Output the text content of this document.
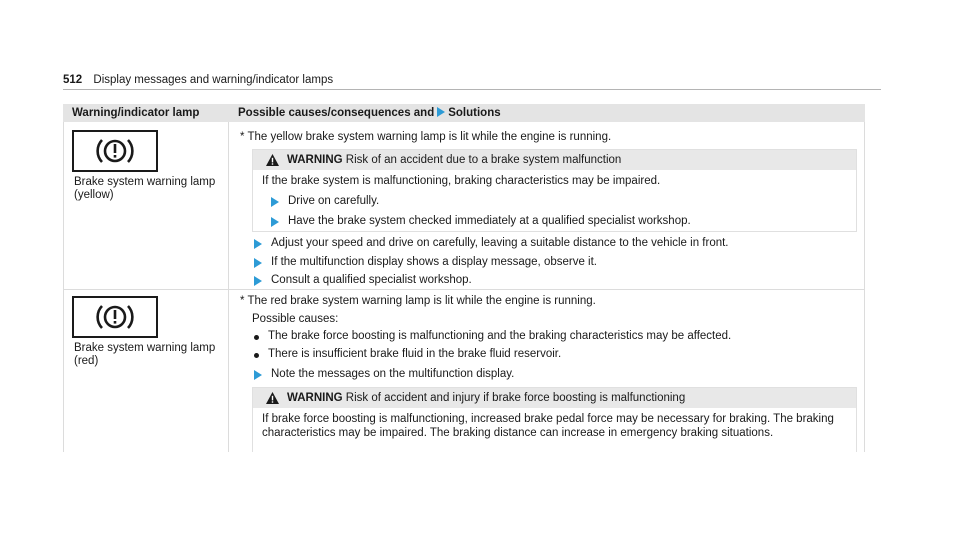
512 Display messages and warning/indicator lamps
Warning/indicator lamp	Possible causes/consequences and Solutions
Brake system warning lamp
(yellow)
* The yellow brake system warning lamp is lit while the engine is running.
WARNING Risk of an accident due to a brake system malfunction
If the brake system is malfunctioning, braking characteristics may be impaired.
Drive on carefully.
Have the brake system checked immediately at a qualified specialist workshop.
Adjust your speed and drive on carefully, leaving a suitable distance to the vehicle in front.
If the multifunction display shows a display message, observe it.
Consult a qualified specialist workshop.
Brake system warning lamp
(red)
* The red brake system warning lamp is lit while the engine is running.
Possible causes:
The brake force boosting is malfunctioning and the braking characteristics may be affected.
There is insufficient brake fluid in the brake fluid reservoir.
Note the messages on the multifunction display.
WARNING Risk of accident and injury if brake force boosting is malfunctioning
If brake force boosting is malfunctioning, increased brake pedal force may be necessary for braking. The braking
characteristics may be impaired. The braking distance can increase in emergency braking situations.
